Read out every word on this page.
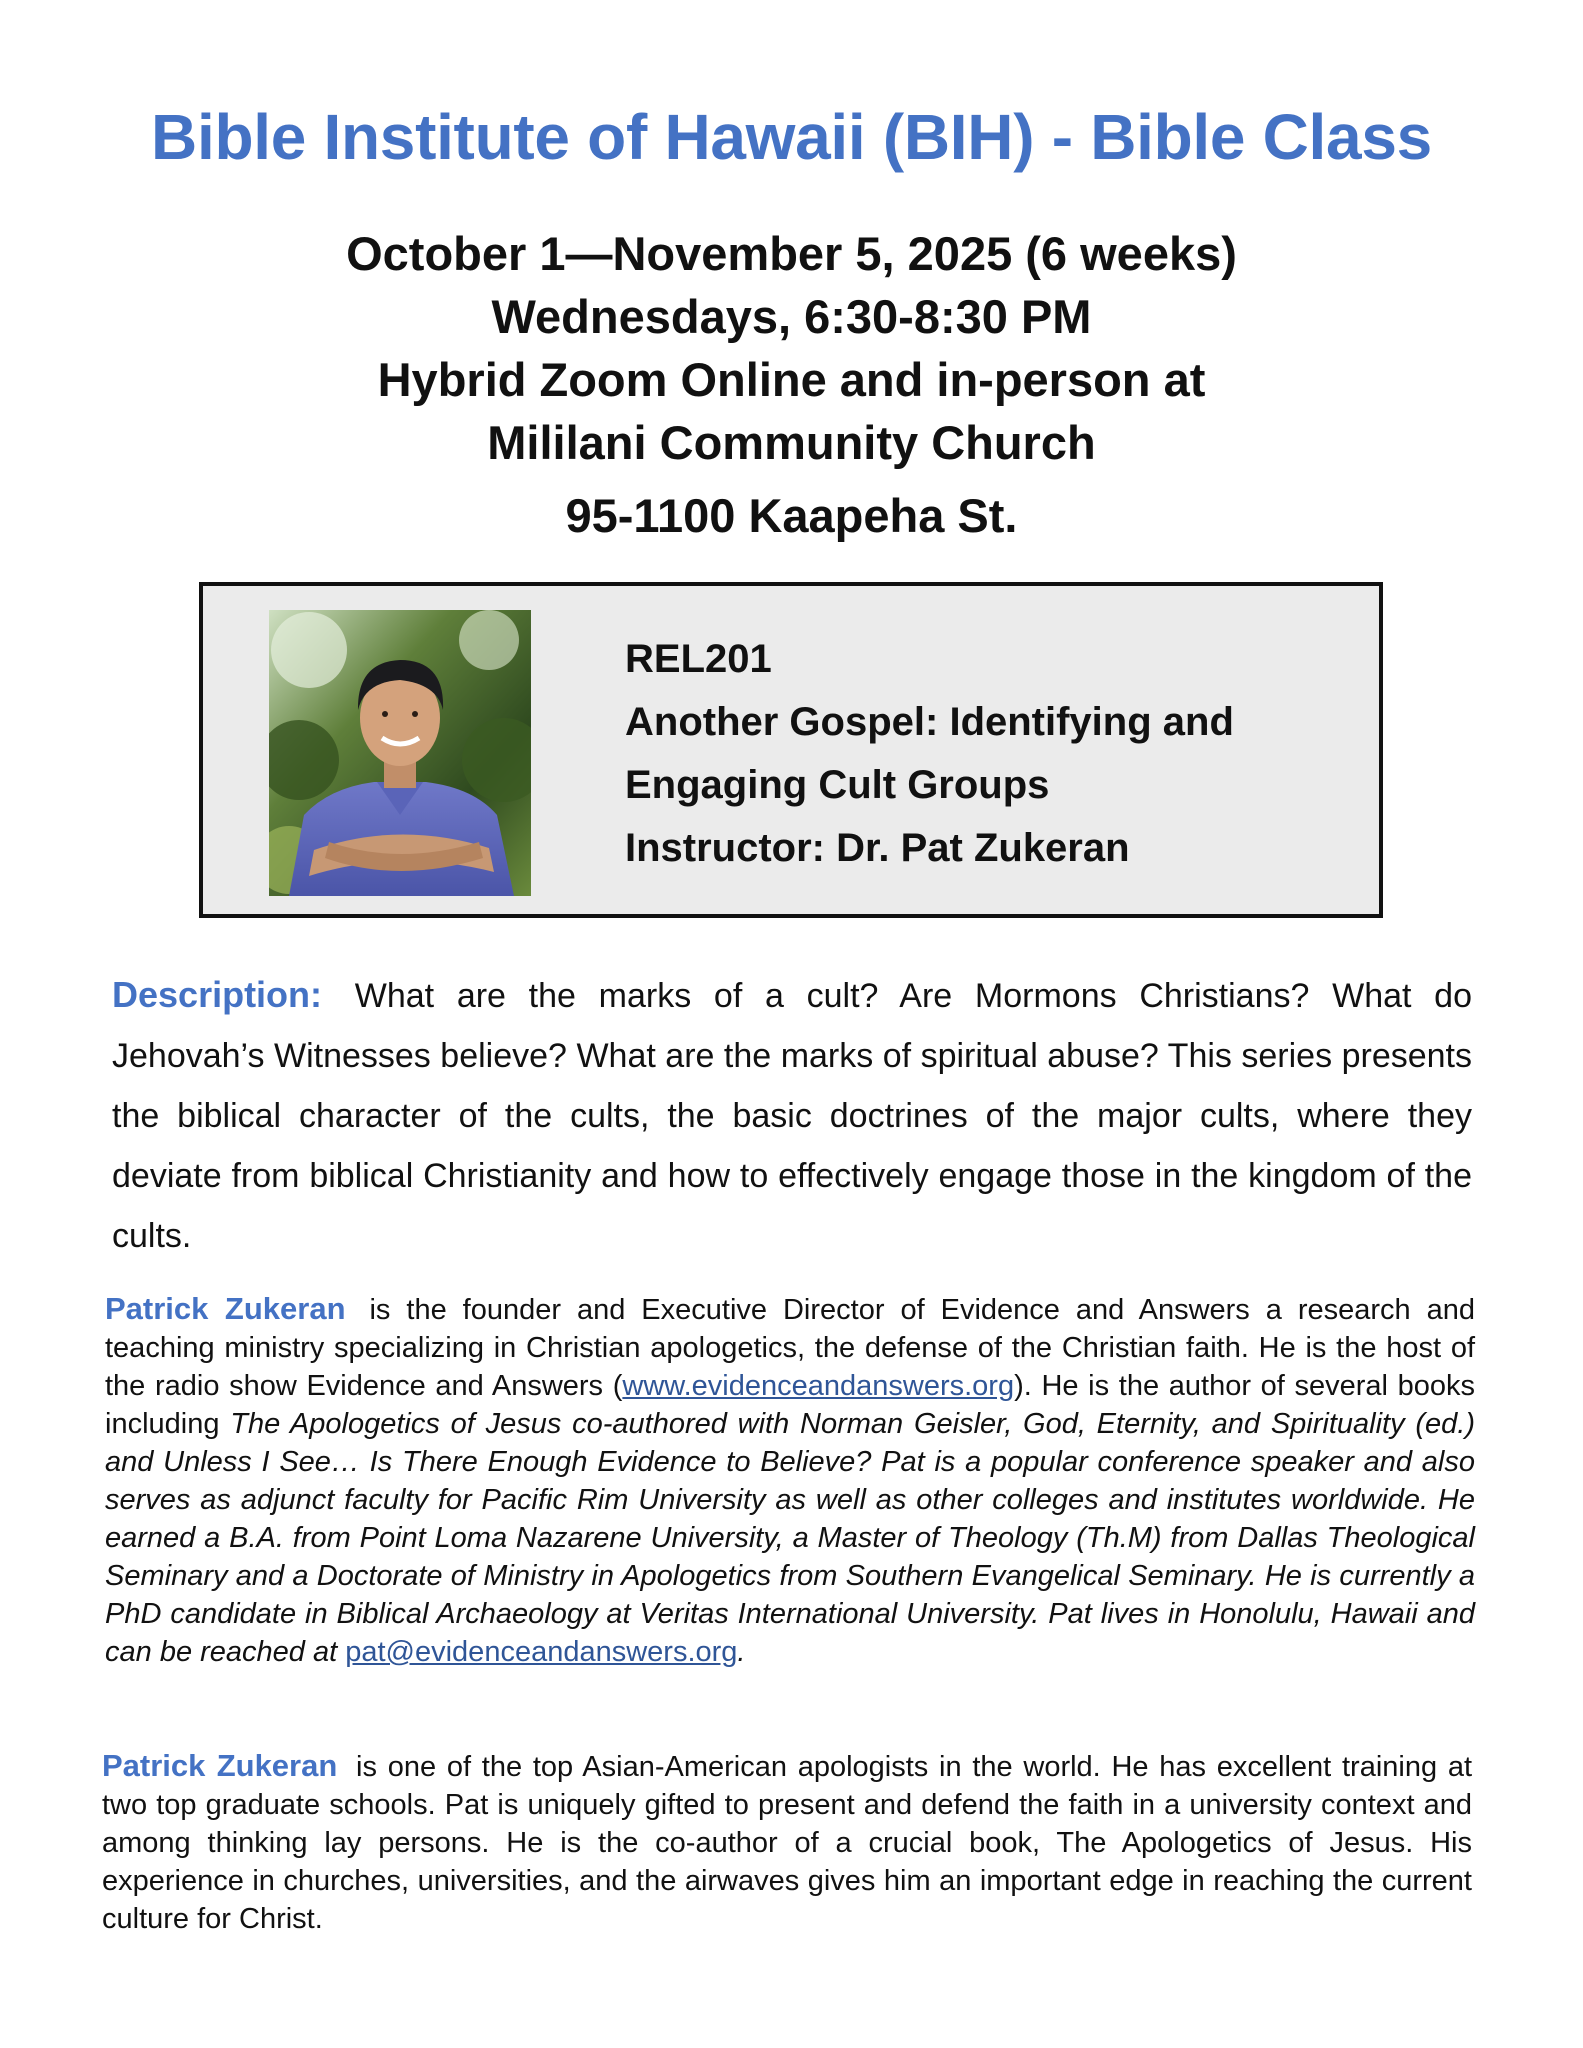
Bible Institute of Hawaii (BIH) - Bible Class
October 1—November 5, 2025 (6 weeks)
Wednesdays, 6:30-8:30 PM
Hybrid Zoom Online and in-person at
Mililani Community Church
95-1100 Kaapeha St.
REL201
Another Gospel: Identifying and
Engaging Cult Groups
Instructor: Dr. Pat Zukeran
Description: What are the marks of a cult? Are Mormons Christians? What do Jehovah’s Witnesses believe? What are the marks of spiritual abuse? This series presents the biblical character of the cults, the basic doctrines of the major cults, where they deviate from biblical Christianity and how to effectively engage those in the kingdom of the cults.
Patrick Zukeran is the founder and Executive Director of Evidence and Answers a research and teaching ministry specializing in Christian apologetics, the defense of the Christian faith. He is the host of the radio show Evidence and Answers (www.evidenceandanswers.org). He is the author of several books including The Apologetics of Jesus co-authored with Norman Geisler, God, Eternity, and Spirituality (ed.) and Unless I See… Is There Enough Evidence to Believe? Pat is a popular conference speaker and also serves as adjunct faculty for Pacific Rim University as well as other colleges and institutes worldwide. He earned a B.A. from Point Loma Nazarene University, a Master of Theology (Th.M) from Dallas Theological Seminary and a Doctorate of Ministry in Apologetics from Southern Evangelical Seminary. He is currently a PhD candidate in Biblical Archaeology at Veritas International University. Pat lives in Honolulu, Hawaii and can be reached at pat@evidenceandanswers.org.
Patrick Zukeran is one of the top Asian-American apologists in the world. He has excellent training at two top graduate schools. Pat is uniquely gifted to present and defend the faith in a university context and among thinking lay persons. He is the co-author of a crucial book, The Apologetics of Jesus. His experience in churches, universities, and the airwaves gives him an important edge in reaching the current culture for Christ.
